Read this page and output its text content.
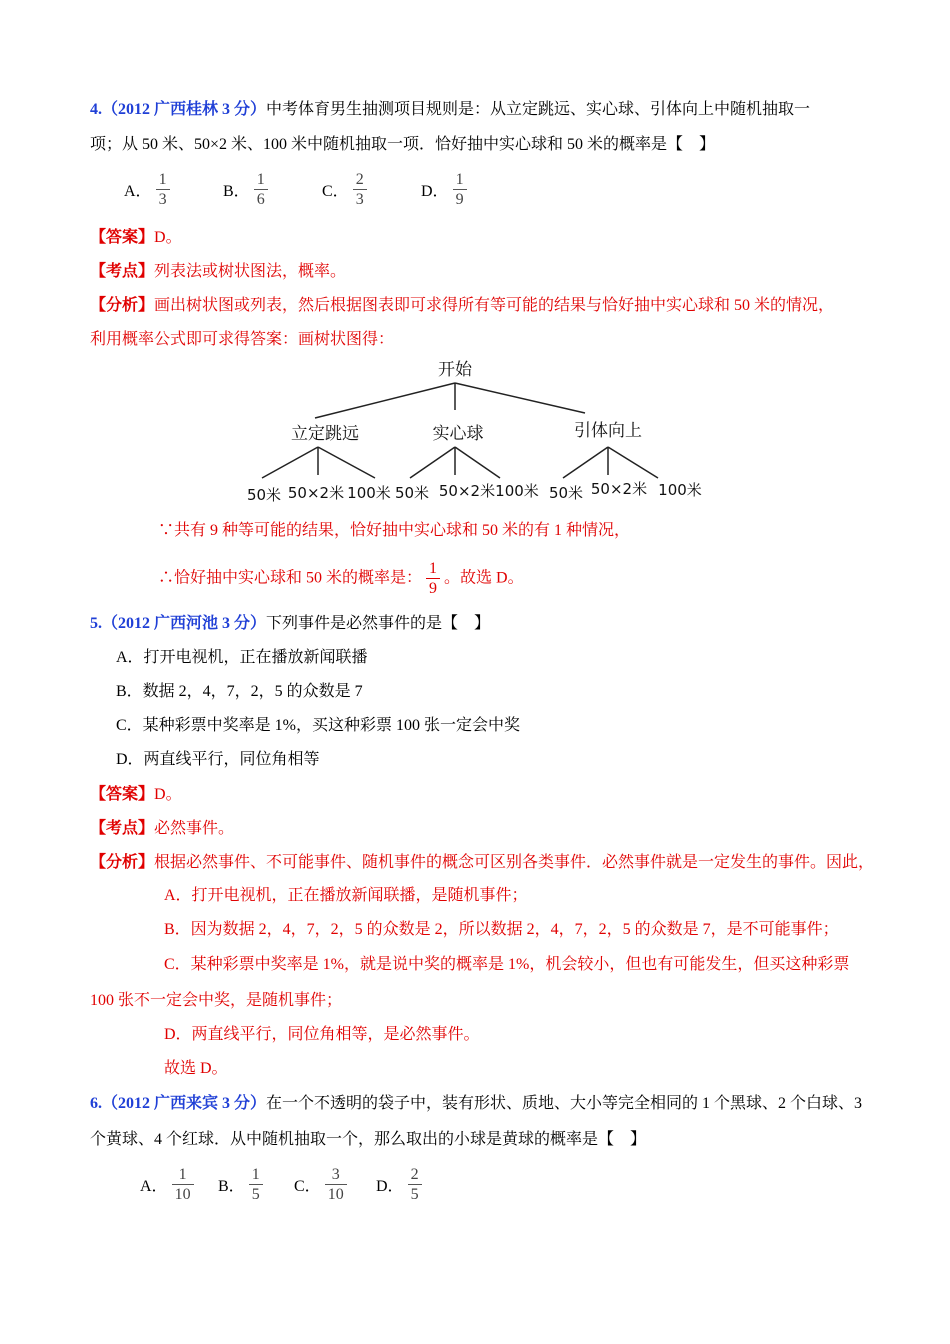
4.（2012 广西桂林 3 分）中考体育男生抽测项目规则是：从立定跳远、实心球、引体向上中随机抽取一
项；从 50 米、50×2 米、100 米中随机抽取一项．恰好抽中实心球和 50 米的概率是【　】
A． $\frac{1}{3}$	B． $\frac{1}{6}$	C． $\frac{2}{3}$	D． $\frac{1}{9}$
【答案】D。
【考点】列表法或树状图法，概率。
【分析】画出树状图或列表，然后根据图表即可求得所有等可能的结果与恰好抽中实心球和 50 米的情况，
利用概率公式即可求得答案：画树状图得：
开始
立定跳远	实心球	引体向上
50米 50×2米 100米 50米 50×2米 100米 50米 50×2米 100米
∵共有 9 种等可能的结果，恰好抽中实心球和 50 米的有 1 种情况，
∴恰好抽中实心球和 50 米的概率是： $\frac{1}{9}$ 。故选 D。
5.（2012 广西河池 3 分）下列事件是必然事件的是【　】
A．打开电视机，正在播放新闻联播
B．数据 2，4，7，2，5 的众数是 7
C．某种彩票中奖率是 1%，买这种彩票 100 张一定会中奖
D．两直线平行，同位角相等
【答案】D。
【考点】必然事件。
【分析】根据必然事件、不可能事件、随机事件的概念可区别各类事件．必然事件就是一定发生的事件。因此，
A．打开电视机，正在播放新闻联播，是随机事件；
B．因为数据 2，4，7，2，5 的众数是 2，所以数据 2，4，7，2，5 的众数是 7，是不可能事件；
C．某种彩票中奖率是 1%，就是说中奖的概率是 1%，机会较小，但也有可能发生，但买这种彩票
100 张不一定会中奖，是随机事件；
D．两直线平行，同位角相等，是必然事件。
故选 D。
6.（2012 广西来宾 3 分）在一个不透明的袋子中，装有形状、质地、大小等完全相同的 1 个黑球、2 个白球、3
个黄球、4 个红球．从中随机抽取一个，那么取出的小球是黄球的概率是【　】
A． $\frac{1}{10}$ B． $\frac{1}{5}$ C． $\frac{3}{10}$ D． $\frac{2}{5}$
